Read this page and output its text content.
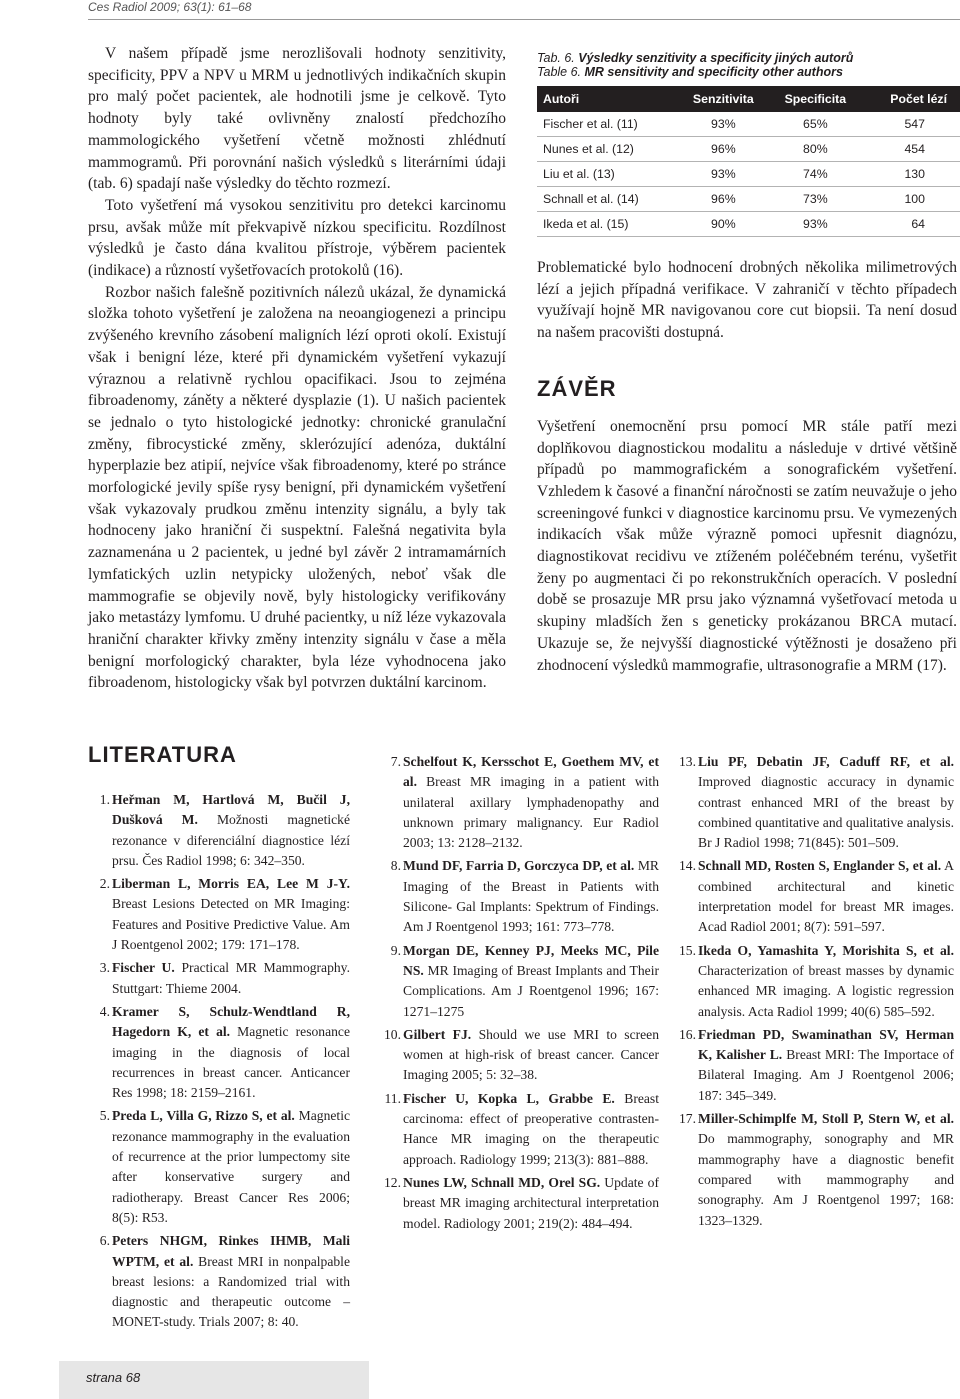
Ces Radiol 2009; 63(1): 61–68

V našem případě jsme nerozlišovali hodnoty senzitivity, specificity, PPV a NPV u MRM u jednotlivých indikačních skupin pro malý počet pacientek, ale hodnotili jsme je celkově. Tyto hodnoty byly také ovlivněny znalostí předchozího mammologického vyšetření včetně možnosti zhlédnutí mammogramů. Při porovnání našich výsledků s literárními údaji (tab. 6) spadají naše výsledky do těchto rozmezí.

Toto vyšetření má vysokou senzitivitu pro detekci karcinomu prsu, avšak může mít překvapivě nízkou specificitu. Rozdílnost výsledků je často dána kvalitou přístroje, výběrem pacientek (indikace) a růzností vyšetřovacích protokolů (16).

Rozbor našich falešně pozitivních nálezů ukázal, že dynamická složka tohoto vyšetření je založena na neoangiogenezi a principu zvýšeného krevního zásobení maligních lézí oproti okolí. Existují však i benigní léze, které při dynamickém vyšetření vykazují výraznou a relativně rychlou opacifikaci. Jsou to zejména fibroadenomy, záněty a některé dysplazie (1). U našich pacientek se jednalo o tyto histologické jednotky: chronické granulační změny, fibrocystické změny, sklerózující adenóza, duktální hyperplazie bez atipií, nejvíce však fibroadenomy, které po stránce morfologické jevily spíše rysy benigní, při dynamickém vyšetření však vykazovaly prudkou změnu intenzity signálu, a byly tak hodnoceny jako hraniční či suspektní. Falešná negativita byla zaznamenána u 2 pacientek, u jedné byl závěr 2 intramamárních lymfatických uzlin netypicky uložených, neboť však dle mammografie se objevily nově, byly histologicky verifikovány jako metastázy lymfomu. U druhé pacientky, u níž léze vykazovala hraniční charakter křivky změny intenzity signálu v čase a měla benigní morfologický charakter, byla léze vyhodnocena jako fibroadenom, histologicky však byl potvrzen duktální karcinom.

Tab. 6. Výsledky senzitivity a specificity jiných autorů
Table 6. MR sensitivity and specificity other authors
Autoři	Senzitivita	Specificita	Počet lézí
Fischer et al. (11)	93%	65%	547
Nunes et al. (12)	96%	80%	454
Liu et al. (13)	93%	74%	130
Schnall et al. (14)	96%	73%	100
Ikeda et al. (15)	90%	93%	64

Problematické bylo hodnocení drobných několika milimetrových lézí a jejich případná verifikace. V zahraničí v těchto případech využívají hojně MR navigovanou core cut biopsii. Ta není dosud na našem pracovišti dostupná.

ZÁVĚR

Vyšetření onemocnění prsu pomocí MR stále patří mezi doplňkovou diagnostickou modalitu a následuje v drtivé většině případů po mammografickém a sonografickém vyšetření. Vzhledem k časové a finanční náročnosti se zatím neuvažuje o jeho screeningové funkci v diagnostice karcinomu prsu. Ve vymezených indikacích však může výrazně pomoci upřesnit diagnózu, diagnostikovat recidivu ve ztíženém poléčebném terénu, vyšetřit ženy po augmentaci či po rekonstrukčních operacích. V poslední době se prosazuje MR prsu jako významná vyšetřovací metoda u skupiny mladších žen s geneticky prokázanou BRCA mutací. Ukazuje se, že nejvyšší diagnostické výtěžnosti je dosaženo při zhodnocení výsledků mammografie, ultrasonografie a MRM (17).

LITERATURA
1. Heřman M, Hartlová M, Bučil J, Dušková M. Možnosti magnetické rezonance v diferenciální diagnostice lézí prsu. Čes Radiol 1998; 6: 342–350.
2. Liberman L, Morris EA, Lee M J-Y. Breast Lesions Detected on MR Imaging: Features and Positive Predictive Value. Am J Roentgenol 2002; 179: 171–178.
3. Fischer U. Practical MR Mammography. Stuttgart: Thieme 2004.
4. Kramer S, Schulz-Wendtland R, Hagedorn K, et al. Magnetic resonance imaging in the diagnosis of local recurrences in breast cancer. Anticancer Res 1998; 18: 2159–2161.
5. Preda L, Villa G, Rizzo S, et al. Magnetic rezonance mammography in the evaluation of recurrence at the prior lumpectomy site after konservative surgery and radiotherapy. Breast Cancer Res 2006; 8(5): R53.
6. Peters NHGM, Rinkes IHMB, Mali WPTM, et al. Breast MRI in nonpalpable breast lesions: a Randomized trial with diagnostic and therapeutic outcome – MONET-study. Trials 2007; 8: 40.
7. Schelfout K, Kersschot E, Goethem MV, et al. Breast MR imaging in a patient with unilateral axillary lymphadenopathy and unknown primary malignancy. Eur Radiol 2003; 13: 2128–2132.
8. Mund DF, Farria D, Gorczyca DP, et al. MR Imaging of the Breast in Patients with Silicone- Gal Implants: Spektrum of Findings. Am J Roentgenol 1993; 161: 773–778.
9. Morgan DE, Kenney PJ, Meeks MC, Pile NS. MR Imaging of Breast Implants and Their Complications. Am J Roentgenol 1996; 167: 1271–1275
10. Gilbert FJ. Should we use MRI to screen women at high-risk of breast cancer. Cancer Imaging 2005; 5: 32–38.
11. Fischer U, Kopka L, Grabbe E. Breast carcinoma: effect of preoperative contrasten- Hance MR imaging on the therapeutic approach. Radiology 1999; 213(3): 881–888.
12. Nunes LW, Schnall MD, Orel SG. Update of breast MR imaging architectural interpretation model. Radiology 2001; 219(2): 484–494.
13. Liu PF, Debatin JF, Caduff RF, et al. Improved diagnostic accuracy in dynamic contrast enhanced MRI of the breast by combined quantitative and qualitative analysis. Br J Radiol 1998; 71(845): 501–509.
14. Schnall MD, Rosten S, Englander S, et al. A combined architectural and kinetic interpretation model for breast MR images. Acad Radiol 2001; 8(7): 591–597.
15. Ikeda O, Yamashita Y, Morishita S, et al. Characterization of breast masses by dynamic enhanced MR imaging. A logistic regression analysis. Acta Radiol 1999; 40(6) 585–592.
16. Friedman PD, Swaminathan SV, Herman K, Kalisher L. Breast MRI: The Importace of Bilateral Imaging. Am J Roentgenol 2006; 187: 345–349.
17. Miller-Schimplfe M, Stoll P, Stern W, et al. Do mammography, sonography and MR mammography have a diagnostic benefit compared with mammography and sonography. Am J Roentgenol 1997; 168: 1323–1329.
strana 68
